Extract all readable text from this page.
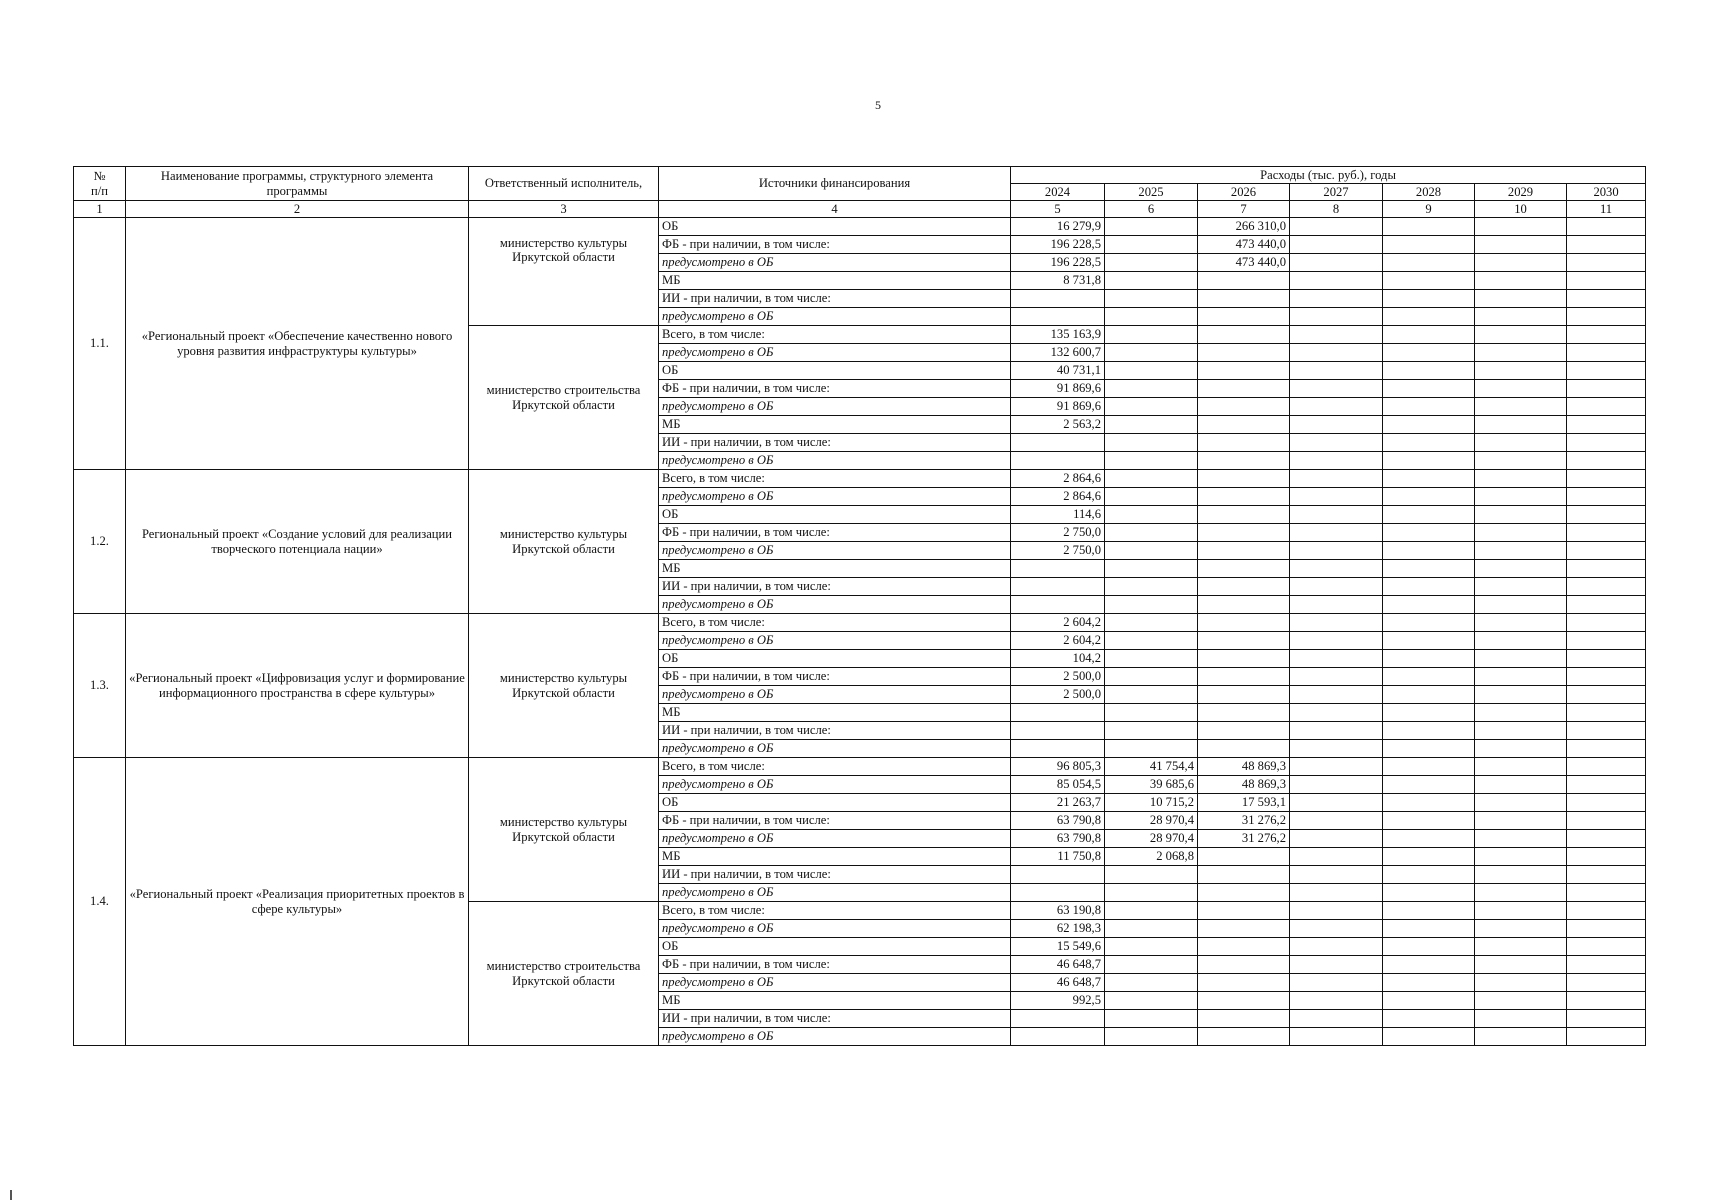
5
№
п/п	Наименование программы, структурного элемента программы	Ответственный исполнитель,	Источники финансирования	Расходы (тыс. руб.), годы						
				2024	2025	2026	2027	2028	2029	2030
1	2	3	4	5	6	7	8	9	10	11
1.1.	«Региональный проект «Обеспечение качественно нового уровня развития инфраструктуры культуры»	министерство культуры Иркутской области	ОБ	16 279,9		266 310,0				
			ФБ - при наличии, в том числе:	196 228,5		473 440,0				
			предусмотрено в ОБ	196 228,5		473 440,0				
			МБ	8 731,8						
			ИИ - при наличии, в том числе:							
			предусмотрено в ОБ							
		министерство строительства Иркутской области	Всего, в том числе:	135 163,9						
			предусмотрено в ОБ	132 600,7						
			ОБ	40 731,1						
			ФБ - при наличии, в том числе:	91 869,6						
			предусмотрено в ОБ	91 869,6						
			МБ	2 563,2						
			ИИ - при наличии, в том числе:							
			предусмотрено в ОБ							
1.2.	Региональный проект «Создание условий для реализации творческого потенциала нации»	министерство культуры Иркутской области	Всего, в том числе:	2 864,6						
			предусмотрено в ОБ	2 864,6						
			ОБ	114,6						
			ФБ - при наличии, в том числе:	2 750,0						
			предусмотрено в ОБ	2 750,0						
			МБ							
			ИИ - при наличии, в том числе:							
			предусмотрено в ОБ							
1.3.	«Региональный проект «Цифровизация услуг и формирование информационного пространства в сфере культуры»	министерство культуры Иркутской области	Всего, в том числе:	2 604,2						
			предусмотрено в ОБ	2 604,2						
			ОБ	104,2						
			ФБ - при наличии, в том числе:	2 500,0						
			предусмотрено в ОБ	2 500,0						
			МБ							
			ИИ - при наличии, в том числе:							
			предусмотрено в ОБ							
1.4.	«Региональный проект «Реализация приоритетных проектов в сфере культуры»	министерство культуры Иркутской области	Всего, в том числе:	96 805,3	41 754,4	48 869,3				
			предусмотрено в ОБ	85 054,5	39 685,6	48 869,3				
			ОБ	21 263,7	10 715,2	17 593,1				
			ФБ - при наличии, в том числе:	63 790,8	28 970,4	31 276,2				
			предусмотрено в ОБ	63 790,8	28 970,4	31 276,2				
			МБ	11 750,8	2 068,8					
			ИИ - при наличии, в том числе:							
			предусмотрено в ОБ							
		министерство строительства Иркутской области	Всего, в том числе:	63 190,8						
			предусмотрено в ОБ	62 198,3						
			ОБ	15 549,6						
			ФБ - при наличии, в том числе:	46 648,7						
			предусмотрено в ОБ	46 648,7						
			МБ	992,5						
			ИИ - при наличии, в том числе:							
			предусмотрено в ОБ							
